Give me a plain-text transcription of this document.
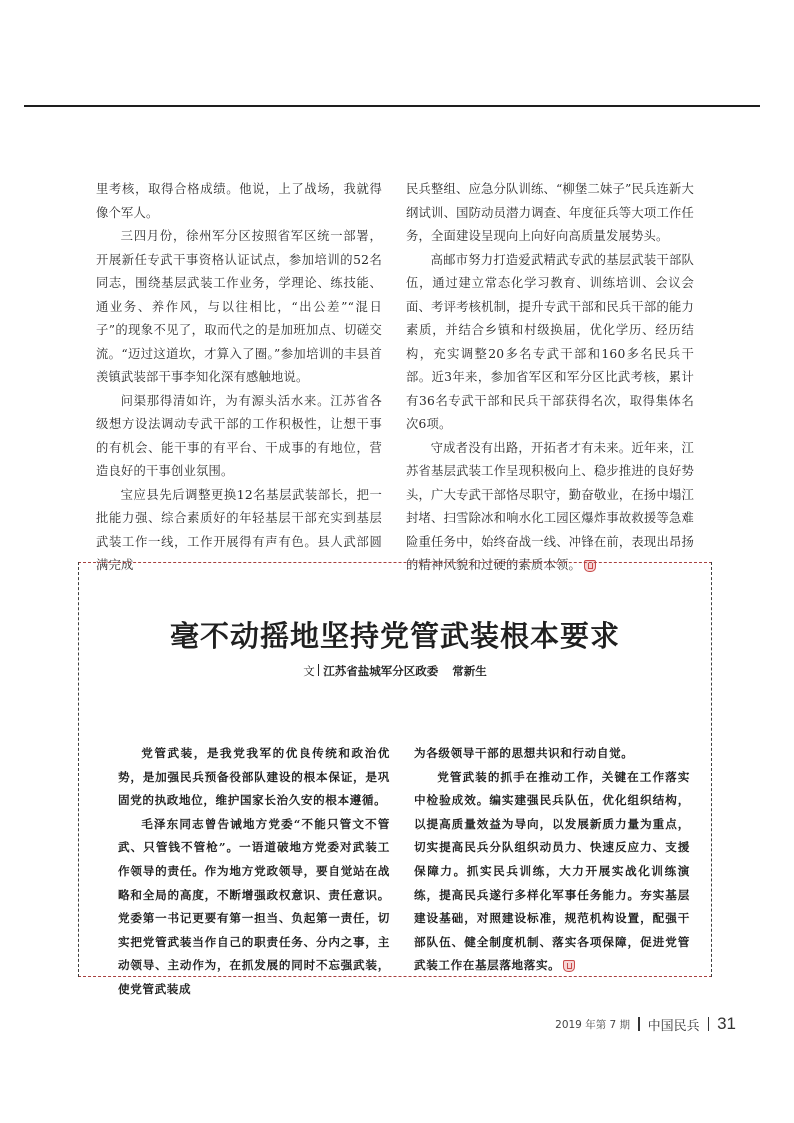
里考核，取得合格成绩。他说，上了战场，我就得像个军人。

三四月份，徐州军分区按照省军区统一部署，开展新任专武干事资格认证试点，参加培训的52名同志，围绕基层武装工作业务，学理论、练技能、通业务、养作风，与以往相比，“出公差”“混日子”的现象不见了，取而代之的是加班加点、切磋交流。“迈过这道坎，才算入了圈。”参加培训的丰县首羡镇武装部干事李知化深有感触地说。

问渠那得清如许，为有源头活水来。江苏省各级想方设法调动专武干部的工作积极性，让想干事的有机会、能干事的有平台、干成事的有地位，营造良好的干事创业氛围。

宝应县先后调整更换12名基层武装部长，把一批能力强、综合素质好的年轻基层干部充实到基层武装工作一线，工作开展得有声有色。县人武部圆满完成

民兵整组、应急分队训练、“柳堡二妹子”民兵连新大纲试训、国防动员潜力调查、年度征兵等大项工作任务，全面建设呈现向上向好向高质量发展势头。

高邮市努力打造爱武精武专武的基层武装干部队伍，通过建立常态化学习教育、训练培训、会议会面、考评考核机制，提升专武干部和民兵干部的能力素质，并结合乡镇和村级换届，优化学历、经历结构，充实调整20多名专武干部和160多名民兵干部。近3年来，参加省军区和军分区比武考核，累计有36名专武干部和民兵干部获得名次，取得集体名次6项。

守成者没有出路，开拓者才有未来。近年来，江苏省基层武装工作呈现积极向上、稳步推进的良好势头，广大专武干部恪尽职守，勤奋敬业，在扬中塌江封堵、扫雪除冰和响水化工园区爆炸事故救援等急难险重任务中，始终奋战一线、冲锋在前，表现出昂扬的精神风貌和过硬的素质本领。

毫不动摇地坚持党管武装根本要求
文 江苏省盐城军分区政委 常新生

党管武装，是我党我军的优良传统和政治优势，是加强民兵预备役部队建设的根本保证，是巩固党的执政地位，维护国家长治久安的根本遵循。

毛泽东同志曾告诫地方党委“不能只管文不管武、只管钱不管枪”。一语道破地方党委对武装工作领导的责任。作为地方党政领导，要自觉站在战略和全局的高度，不断增强政权意识、责任意识。党委第一书记更要有第一担当、负起第一责任，切实把党管武装当作自己的职责任务、分内之事，主动领导、主动作为，在抓发展的同时不忘强武装，使党管武装成

为各级领导干部的思想共识和行动自觉。

党管武装的抓手在推动工作，关键在工作落实中检验成效。编实建强民兵队伍，优化组织结构，以提高质量效益为导向，以发展新质力量为重点，切实提高民兵分队组织动员力、快速反应力、支援保障力。抓实民兵训练，大力开展实战化训练演练，提高民兵遂行多样化军事任务能力。夯实基层建设基础，对照建设标准，规范机构设置，配强干部队伍、健全制度机制、落实各项保障，促进党管武装工作在基层落地落实。

2019 年第 7 期 中国民兵 31
